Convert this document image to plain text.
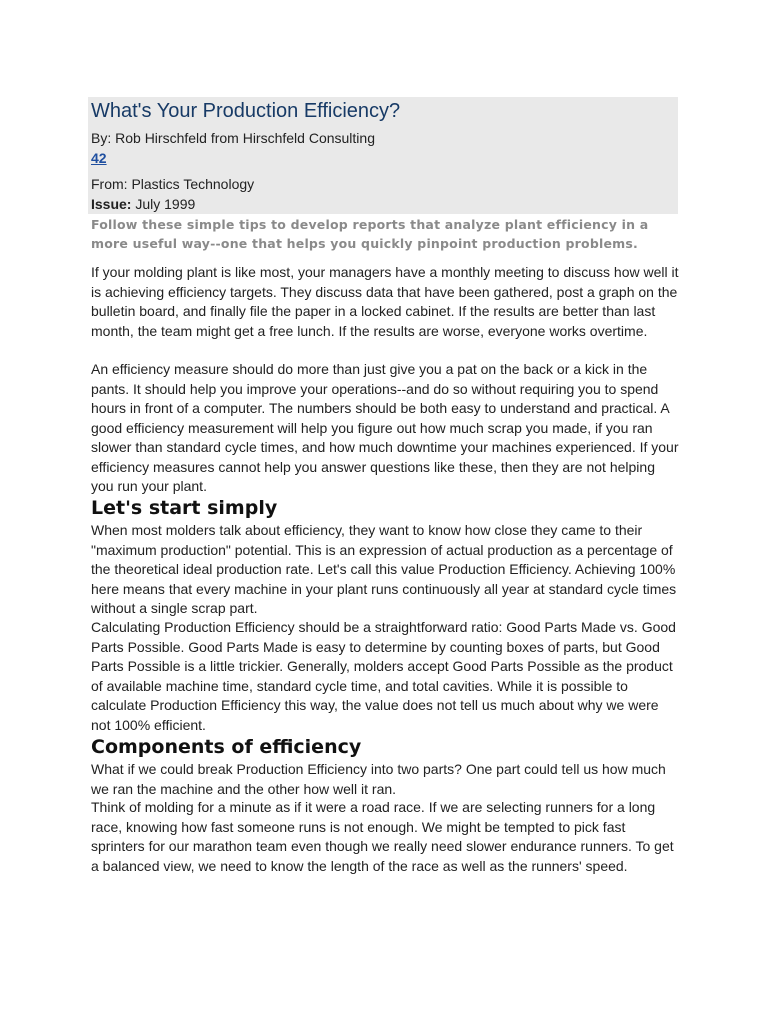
What's Your Production Efficiency?
By: Rob Hirschfeld from Hirschfeld Consulting
42
From: Plastics Technology
Issue: July 1999

Follow these simple tips to develop reports that analyze plant efficiency in a more useful way--one that helps you quickly pinpoint production problems.

If your molding plant is like most, your managers have a monthly meeting to discuss how well it is achieving efficiency targets. They discuss data that have been gathered, post a graph on the bulletin board, and finally file the paper in a locked cabinet. If the results are better than last month, the team might get a free lunch. If the results are worse, everyone works overtime.

An efficiency measure should do more than just give you a pat on the back or a kick in the pants. It should help you improve your operations--and do so without requiring you to spend hours in front of a computer. The numbers should be both easy to understand and practical. A good efficiency measurement will help you figure out how much scrap you made, if you ran slower than standard cycle times, and how much downtime your machines experienced. If your efficiency measures cannot help you answer questions like these, then they are not helping you run your plant.

Let's start simply

When most molders talk about efficiency, they want to know how close they came to their "maximum production" potential. This is an expression of actual production as a percentage of the theoretical ideal production rate. Let's call this value Production Efficiency. Achieving 100% here means that every machine in your plant runs continuously all year at standard cycle times without a single scrap part.

Calculating Production Efficiency should be a straightforward ratio: Good Parts Made vs. Good Parts Possible. Good Parts Made is easy to determine by counting boxes of parts, but Good Parts Possible is a little trickier. Generally, molders accept Good Parts Possible as the product of available machine time, standard cycle time, and total cavities. While it is possible to calculate Production Efficiency this way, the value does not tell us much about why we were not 100% efficient.

Components of efficiency

What if we could break Production Efficiency into two parts? One part could tell us how much we ran the machine and the other how well it ran.

Think of molding for a minute as if it were a road race. If we are selecting runners for a long race, knowing how fast someone runs is not enough. We might be tempted to pick fast sprinters for our marathon team even though we really need slower endurance runners. To get a balanced view, we need to know the length of the race as well as the runners' speed.
